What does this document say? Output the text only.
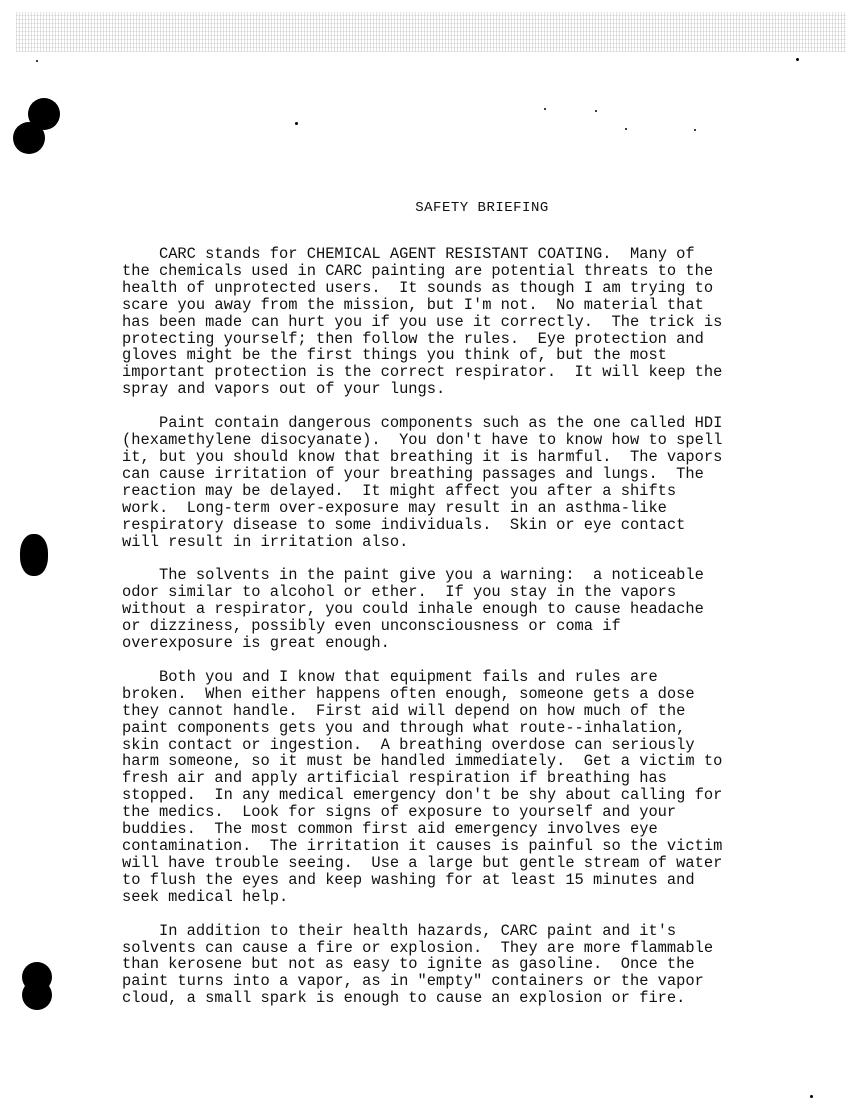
SAFETY BRIEFING

CARC stands for CHEMICAL AGENT RESISTANT COATING.  Many of
the chemicals used in CARC painting are potential threats to the
health of unprotected users.  It sounds as though I am trying to
scare you away from the mission, but I'm not.  No material that
has been made can hurt you if you use it correctly.  The trick is
protecting yourself; then follow the rules.  Eye protection and
gloves might be the first things you think of, but the most
important protection is the correct respirator.  It will keep the
spray and vapors out of your lungs.

Paint contain dangerous components such as the one called HDI
(hexamethylene disocyanate).  You don't have to know how to spell
it, but you should know that breathing it is harmful.  The vapors
can cause irritation of your breathing passages and lungs.  The
reaction may be delayed.  It might affect you after a shifts
work.  Long-term over-exposure may result in an asthma-like
respiratory disease to some individuals.  Skin or eye contact
will result in irritation also.

The solvents in the paint give you a warning:  a noticeable
odor similar to alcohol or ether.  If you stay in the vapors
without a respirator, you could inhale enough to cause headache
or dizziness, possibly even unconsciousness or coma if
overexposure is great enough.

Both you and I know that equipment fails and rules are
broken.  When either happens often enough, someone gets a dose
they cannot handle.  First aid will depend on how much of the
paint components gets you and through what route--inhalation,
skin contact or ingestion.  A breathing overdose can seriously
harm someone, so it must be handled immediately.  Get a victim to
fresh air and apply artificial respiration if breathing has
stopped.  In any medical emergency don't be shy about calling for
the medics.  Look for signs of exposure to yourself and your
buddies.  The most common first aid emergency involves eye
contamination.  The irritation it causes is painful so the victim
will have trouble seeing.  Use a large but gentle stream of water
to flush the eyes and keep washing for at least 15 minutes and
seek medical help.

In addition to their health hazards, CARC paint and it's
solvents can cause a fire or explosion.  They are more flammable
than kerosene but not as easy to ignite as gasoline.  Once the
paint turns into a vapor, as in "empty" containers or the vapor
cloud, a small spark is enough to cause an explosion or fire.
